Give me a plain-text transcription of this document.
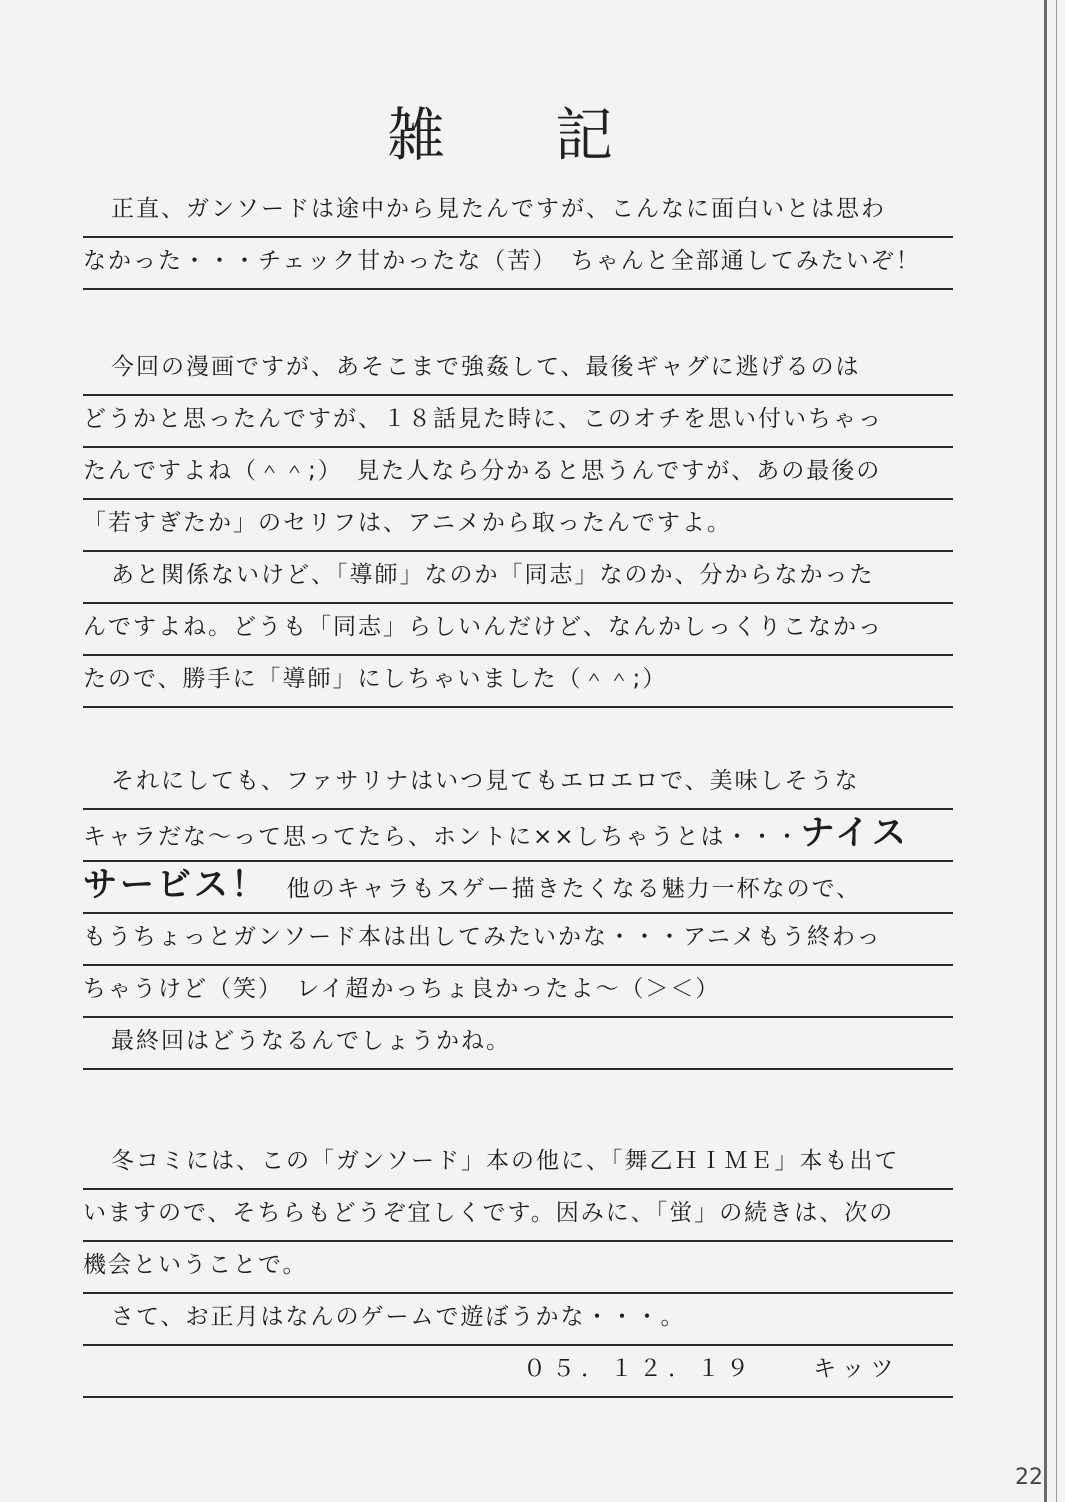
雑記
正直、ガンソードは途中から見たんですが、こんなに面白いとは思わ
なかった・・・チェック甘かったな（苦）　ちゃんと全部通してみたいぞ！
今回の漫画ですが、あそこまで強姦して、最後ギャグに逃げるのは
どうかと思ったんですが、１８話見た時に、このオチを思い付いちゃっ
たんですよね（＾＾;）　見た人なら分かると思うんですが、あの最後の
「若すぎたか」のセリフは、アニメから取ったんですよ。
あと関係ないけど、「導師」なのか「同志」なのか、分からなかった
んですよね。どうも「同志」らしいんだけど、なんかしっくりこなかっ
たので、勝手に「導師」にしちゃいました（＾＾;）
それにしても、ファサリナはいつ見てもエロエロで、美味しそうな
キャラだな～って思ってたら、ホントに××しちゃうとは・・・ナイス
サービス！ 他のキャラもスゲー描きたくなる魅力一杯なので、
もうちょっとガンソード本は出してみたいかな・・・アニメもう終わっ
ちゃうけど（笑）　レイ超かっちょ良かったよ～（＞＜）
最終回はどうなるんでしょうかね。
冬コミには、この「ガンソード」本の他に、「舞乙ＨＩＭＥ」本も出て
いますので、そちらもどうぞ宜しくです。因みに、「蛍」の続きは、次の
機会ということで。
さて、お正月はなんのゲームで遊ぼうかな・・・。
０５．１２．１９　　キッツ
22
